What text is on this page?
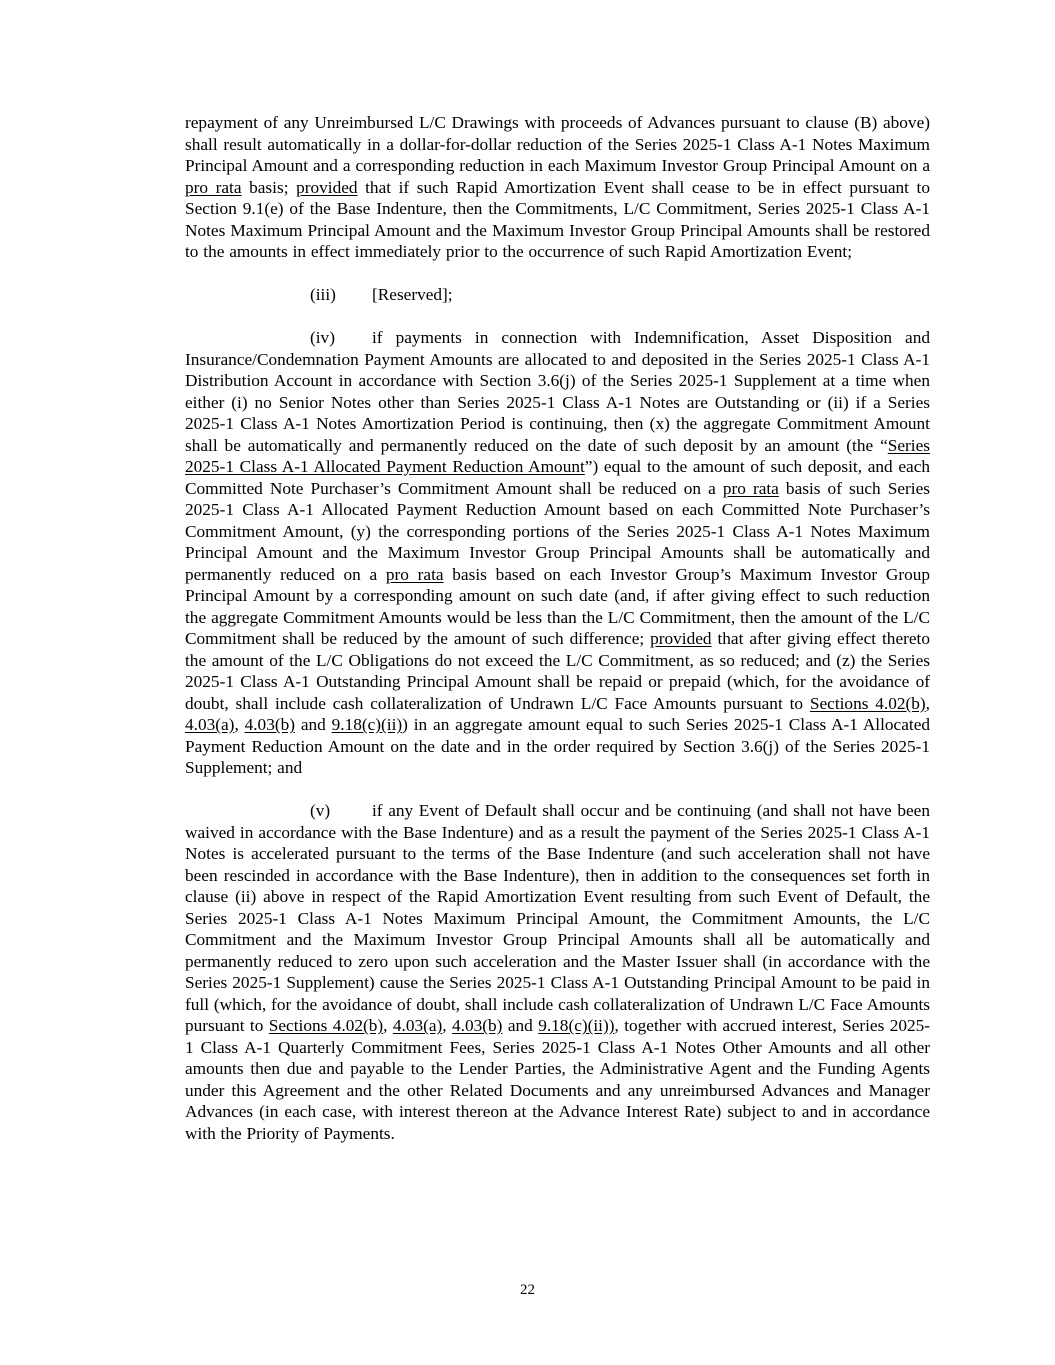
repayment of any Unreimbursed L/C Drawings with proceeds of Advances pursuant to clause (B) above) shall result automatically in a dollar-for-dollar reduction of the Series 2025-1 Class A-1 Notes Maximum Principal Amount and a corresponding reduction in each Maximum Investor Group Principal Amount on a pro rata basis; provided that if such Rapid Amortization Event shall cease to be in effect pursuant to Section 9.1(e) of the Base Indenture, then the Commitments, L/C Commitment, Series 2025-1 Class A-1 Notes Maximum Principal Amount and the Maximum Investor Group Principal Amounts shall be restored to the amounts in effect immediately prior to the occurrence of such Rapid Amortization Event;

(iii) [Reserved];

(iv) if payments in connection with Indemnification, Asset Disposition and Insurance/Condemnation Payment Amounts are allocated to and deposited in the Series 2025-1 Class A-1 Distribution Account in accordance with Section 3.6(j) of the Series 2025-1 Supplement at a time when either (i) no Senior Notes other than Series 2025-1 Class A-1 Notes are Outstanding or (ii) if a Series 2025-1 Class A-1 Notes Amortization Period is continuing, then (x) the aggregate Commitment Amount shall be automatically and permanently reduced on the date of such deposit by an amount (the “Series 2025-1 Class A-1 Allocated Payment Reduction Amount”) equal to the amount of such deposit, and each Committed Note Purchaser’s Commitment Amount shall be reduced on a pro rata basis of such Series 2025-1 Class A-1 Allocated Payment Reduction Amount based on each Committed Note Purchaser’s Commitment Amount, (y) the corresponding portions of the Series 2025-1 Class A-1 Notes Maximum Principal Amount and the Maximum Investor Group Principal Amounts shall be automatically and permanently reduced on a pro rata basis based on each Investor Group’s Maximum Investor Group Principal Amount by a corresponding amount on such date (and, if after giving effect to such reduction the aggregate Commitment Amounts would be less than the L/C Commitment, then the amount of the L/C Commitment shall be reduced by the amount of such difference; provided that after giving effect thereto the amount of the L/C Obligations do not exceed the L/C Commitment, as so reduced; and (z) the Series 2025-1 Class A-1 Outstanding Principal Amount shall be repaid or prepaid (which, for the avoidance of doubt, shall include cash collateralization of Undrawn L/C Face Amounts pursuant to Sections 4.02(b), 4.03(a), 4.03(b) and 9.18(c)(ii)) in an aggregate amount equal to such Series 2025-1 Class A-1 Allocated Payment Reduction Amount on the date and in the order required by Section 3.6(j) of the Series 2025-1 Supplement; and

(v) if any Event of Default shall occur and be continuing (and shall not have been waived in accordance with the Base Indenture) and as a result the payment of the Series 2025-1 Class A-1 Notes is accelerated pursuant to the terms of the Base Indenture (and such acceleration shall not have been rescinded in accordance with the Base Indenture), then in addition to the consequences set forth in clause (ii) above in respect of the Rapid Amortization Event resulting from such Event of Default, the Series 2025-1 Class A-1 Notes Maximum Principal Amount, the Commitment Amounts, the L/C Commitment and the Maximum Investor Group Principal Amounts shall all be automatically and permanently reduced to zero upon such acceleration and the Master Issuer shall (in accordance with the Series 2025-1 Supplement) cause the Series 2025-1 Class A-1 Outstanding Principal Amount to be paid in full (which, for the avoidance of doubt, shall include cash collateralization of Undrawn L/C Face Amounts pursuant to Sections 4.02(b), 4.03(a), 4.03(b) and 9.18(c)(ii)), together with accrued interest, Series 2025-1 Class A-1 Quarterly Commitment Fees, Series 2025-1 Class A-1 Notes Other Amounts and all other amounts then due and payable to the Lender Parties, the Administrative Agent and the Funding Agents under this Agreement and the other Related Documents and any unreimbursed Advances and Manager Advances (in each case, with interest thereon at the Advance Interest Rate) subject to and in accordance with the Priority of Payments.

22
